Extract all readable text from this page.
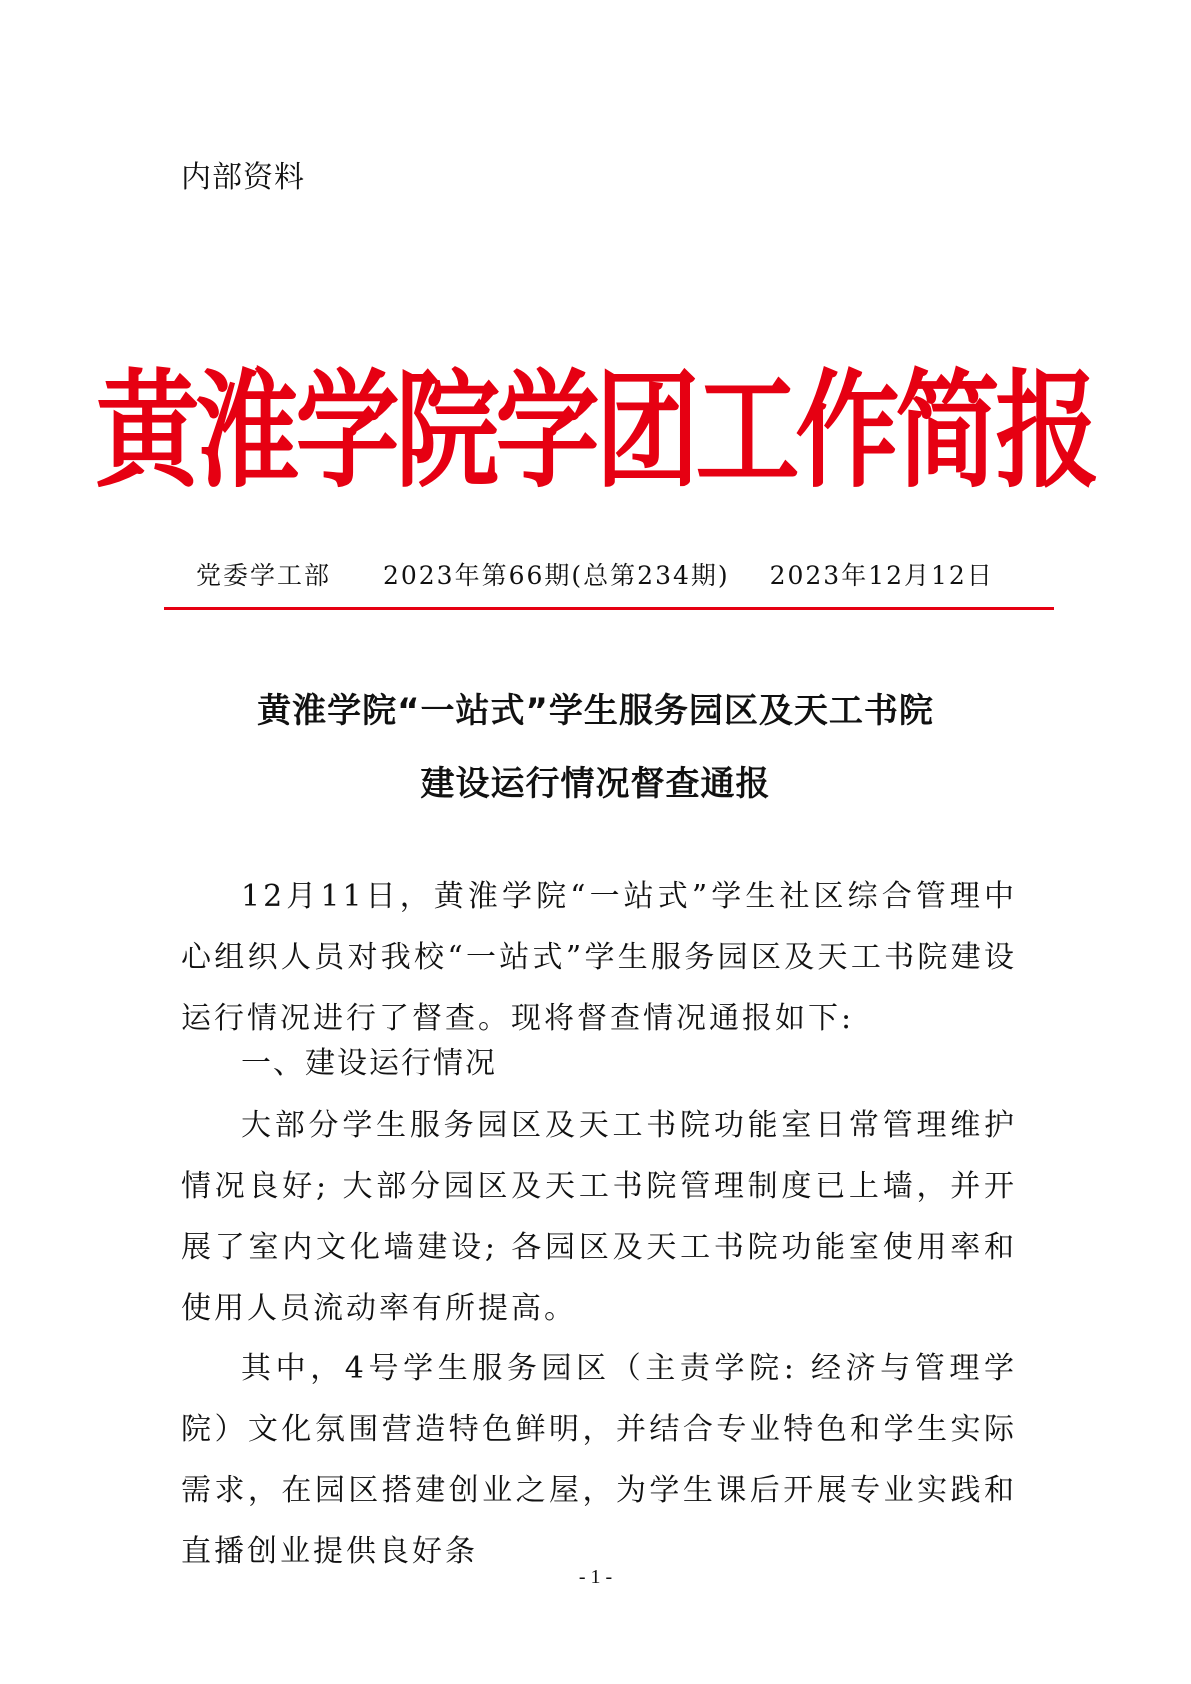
内部资料
黄淮学院学团工作简报
党委学工部 2023年第66期(总第234期) 2023年12月12日
黄淮学院“一站式”学生服务园区及天工书院
建设运行情况督查通报

12月11日，黄淮学院“一站式”学生社区综合管理中心组织人员对我校“一站式”学生服务园区及天工书院建设运行情况进行了督查。现将督查情况通报如下:

一、建设运行情况

大部分学生服务园区及天工书院功能室日常管理维护情况良好; 大部分园区及天工书院管理制度已上墙，并开展了室内文化墙建设; 各园区及天工书院功能室使用率和使用人员流动率有所提高。

其中，4号学生服务园区（主责学院: 经济与管理学院）文化氛围营造特色鲜明，并结合专业特色和学生实际需求，在园区搭建创业之屋，为学生课后开展专业实践和直播创业提供良好条

- 1 -
